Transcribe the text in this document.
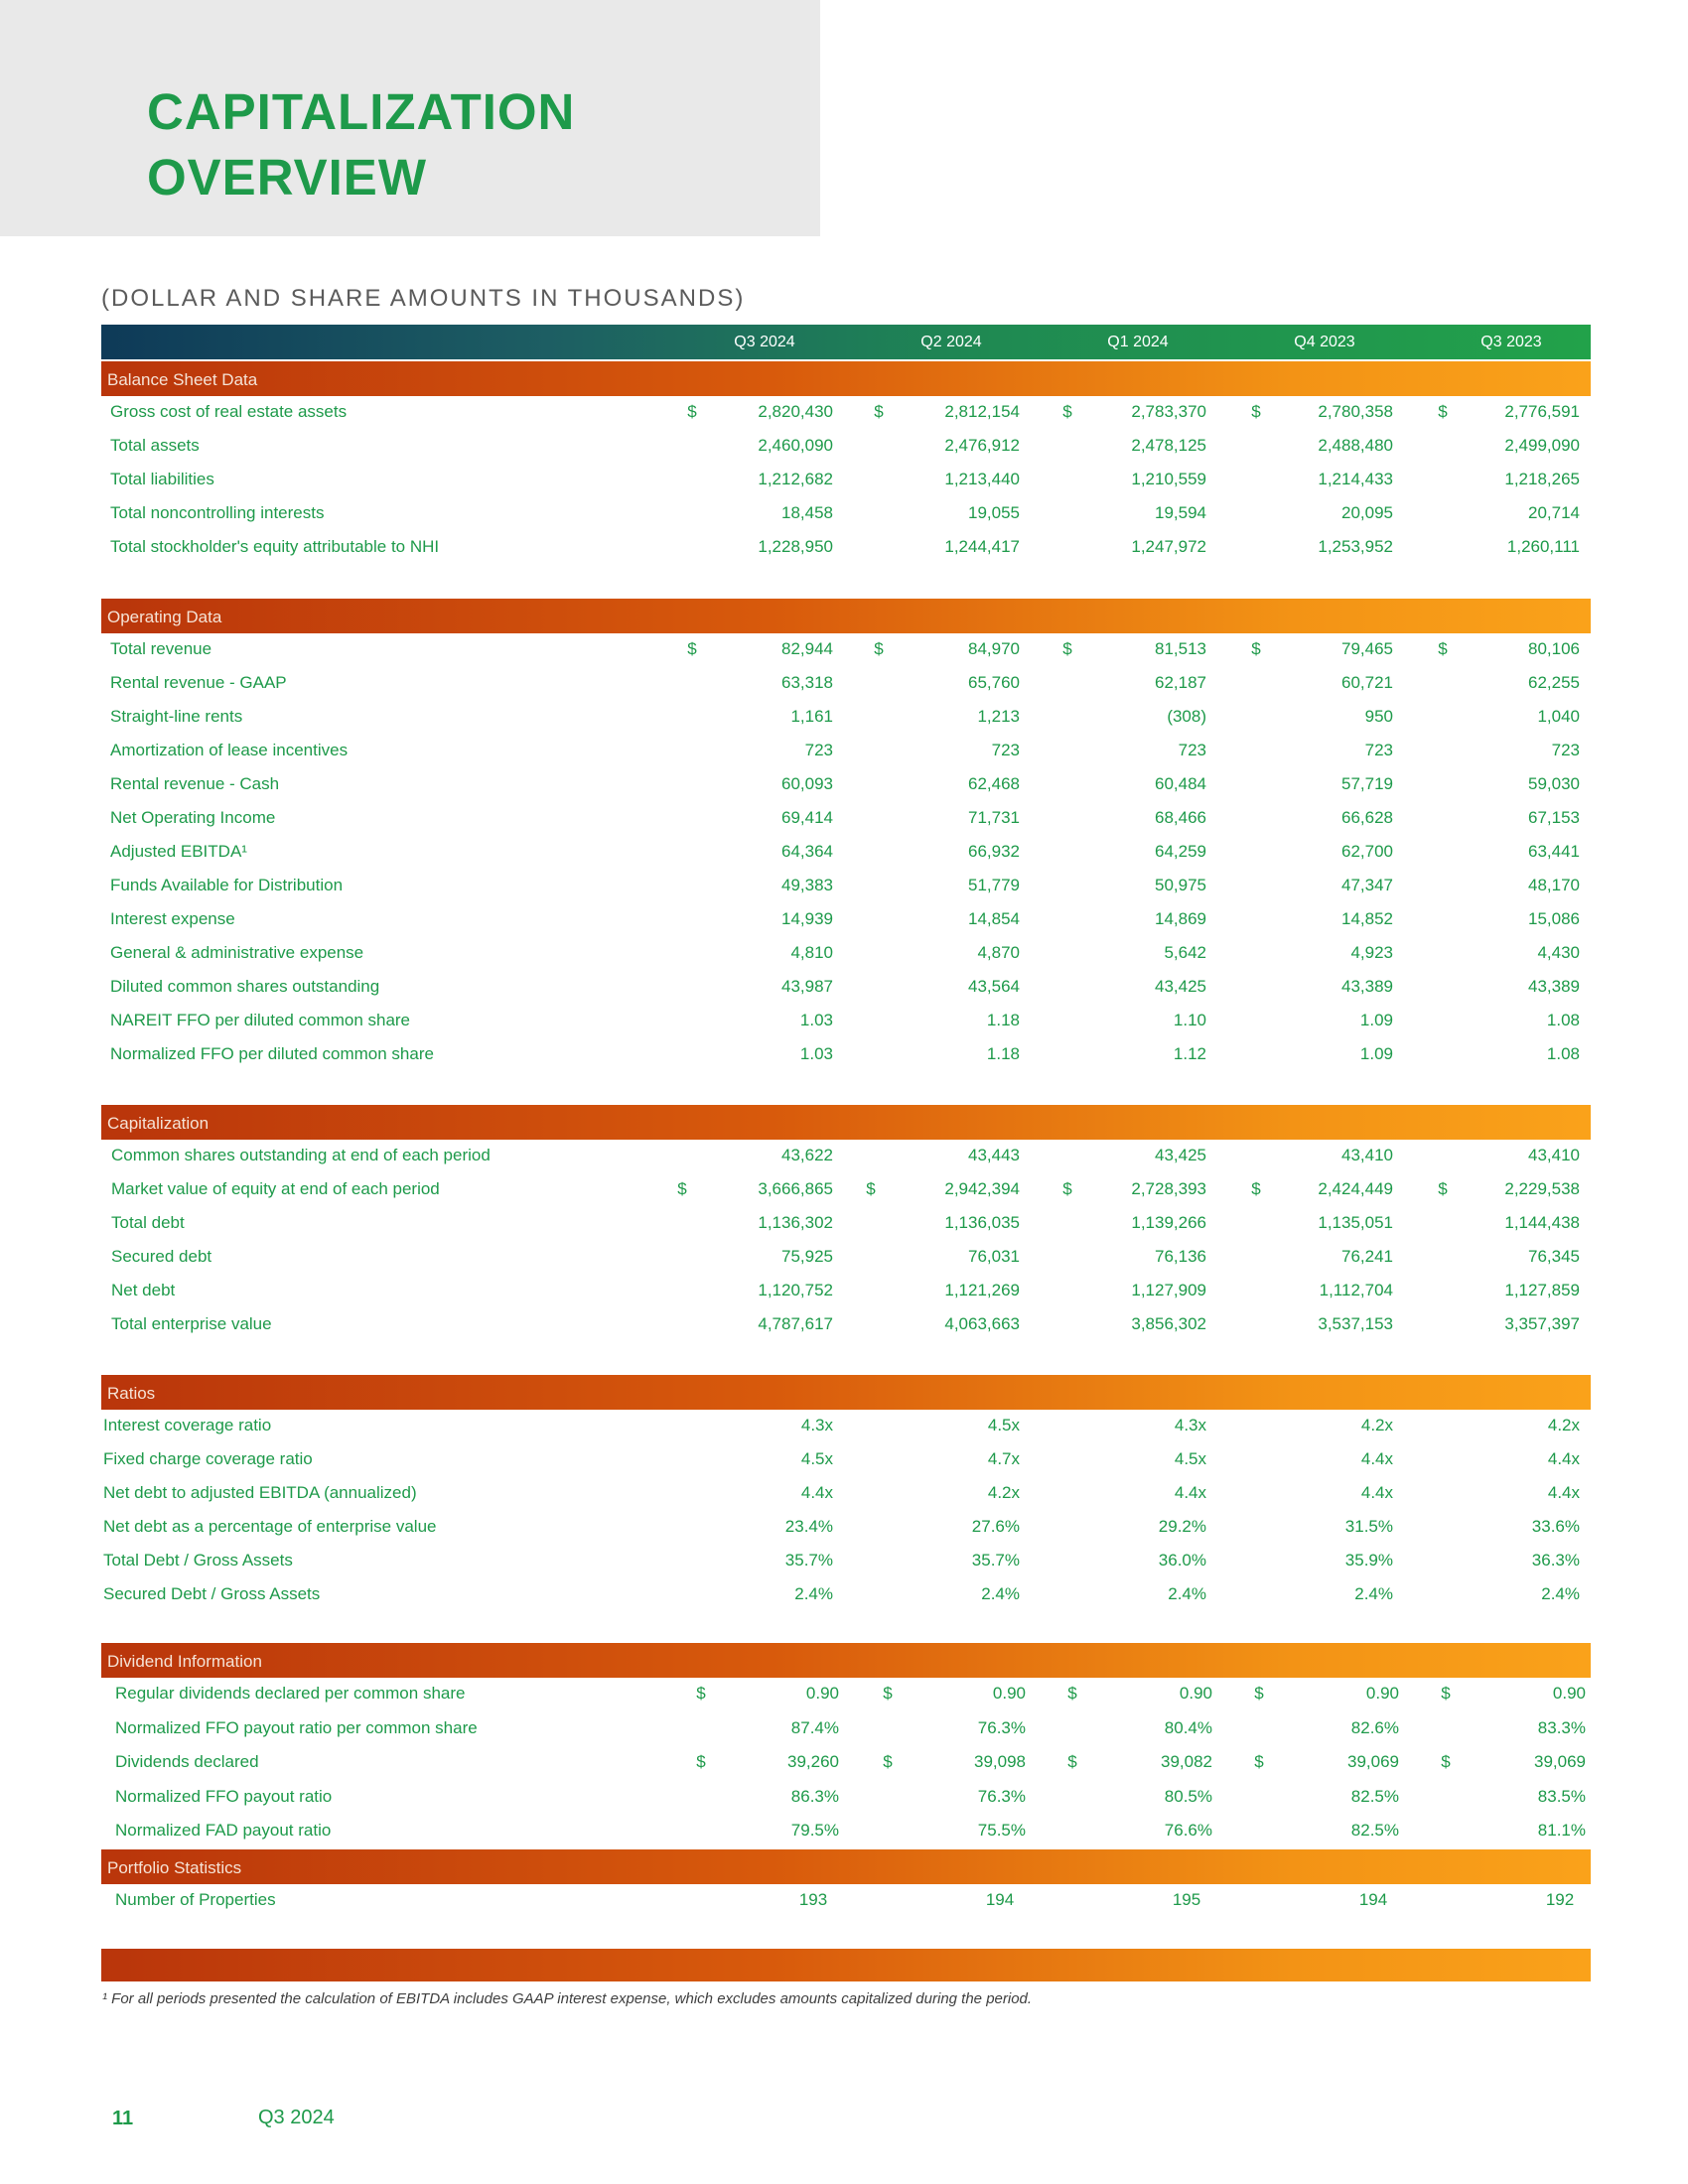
CAPITALIZATION
OVERVIEW
(DOLLAR AND SHARE AMOUNTS IN THOUSANDS)
Q3 2024	Q2 2024	Q1 2024	Q4 2023	Q3 2023
Balance Sheet Data
Gross cost of real estate assets	$	2,820,430 $	2,812,154	$	2,783,370	$	2,780,358	$	2,776,591
Total assets	2,460,090	2,476,912	2,478,125	2,488,480	2,499,090
Total liabilities	1,212,682	1,213,440	1,210,559	1,214,433	1,218,265
Total noncontrolling interests	18,458	19,055	19,594	20,095	20,714
Total stockholder's equity attributable to NHI	1,228,950	1,244,417	1,247,972	1,253,952	1,260,111
Operating Data
Total revenue	$	82,944 $	84,970	$	81,513	$	79,465	$	80,106
Rental revenue - GAAP	63,318	65,760	62,187	60,721	62,255
Straight-line rents	1,161	1,213	(308)	950	1,040
Amortization of lease incentives	723	723	723	723	723
Rental revenue - Cash	60,093	62,468	60,484	57,719	59,030
Net Operating Income	69,414	71,731	68,466	66,628	67,153
Adjusted EBITDA¹	64,364	66,932	64,259	62,700	63,441
Funds Available for Distribution	49,383	51,779	50,975	47,347	48,170
Interest expense	14,939	14,854	14,869	14,852	15,086
General & administrative expense	4,810	4,870	5,642	4,923	4,430
Diluted common shares outstanding	43,987	43,564	43,425	43,389	43,389
NAREIT FFO per diluted common share	1.03	1.18	1.10	1.09	1.08
Normalized FFO per diluted common share	1.03	1.18	1.12	1.09	1.08
Capitalization
Common shares outstanding at end of each period	43,622	43,443	43,425	43,410	43,410
Market value of equity at end of each period	$	3,666,865 $	2,942,394	$	2,728,393	$	2,424,449	$	2,229,538
Total debt	1,136,302	1,136,035	1,139,266	1,135,051	1,144,438
Secured debt	75,925	76,031	76,136	76,241	76,345
Net debt	1,120,752	1,121,269	1,127,909	1,112,704	1,127,859
Total enterprise value	4,787,617	4,063,663	3,856,302	3,537,153	3,357,397
Ratios
Interest coverage ratio	4.3x	4.5x	4.3x	4.2x	4.2x
Fixed charge coverage ratio	4.5x	4.7x	4.5x	4.4x	4.4x
Net debt to adjusted EBITDA (annualized)	4.4x	4.2x	4.4x	4.4x	4.4x
Net debt as a percentage of enterprise value	23.4%	27.6%	29.2%	31.5%	33.6%
Total Debt / Gross Assets	35.7%	35.7%	36.0%	35.9%	36.3%
Secured Debt / Gross Assets	2.4%	2.4%	2.4%	2.4%	2.4%
Dividend Information
Regular dividends declared per common share	$	0.90	$	0.90 $	0.90 $	0.90 $	0.90
Normalized FFO payout ratio per common share	87.4%	76.3%	80.4%	82.6%	83.3%
Dividends declared	$	39,260	$	39,098 $	39,082 $	39,069 $	39,069
Normalized FFO payout ratio	86.3%	76.3%	80.5%	82.5%	83.5%
Normalized FAD payout ratio	79.5%	75.5%	76.6%	82.5%	81.1%
Portfolio Statistics
Number of Properties	193	194	195	194	192
¹ For all periods presented the calculation of EBITDA includes GAAP interest expense, which excludes amounts capitalized during the period.
11	Q3 2024
